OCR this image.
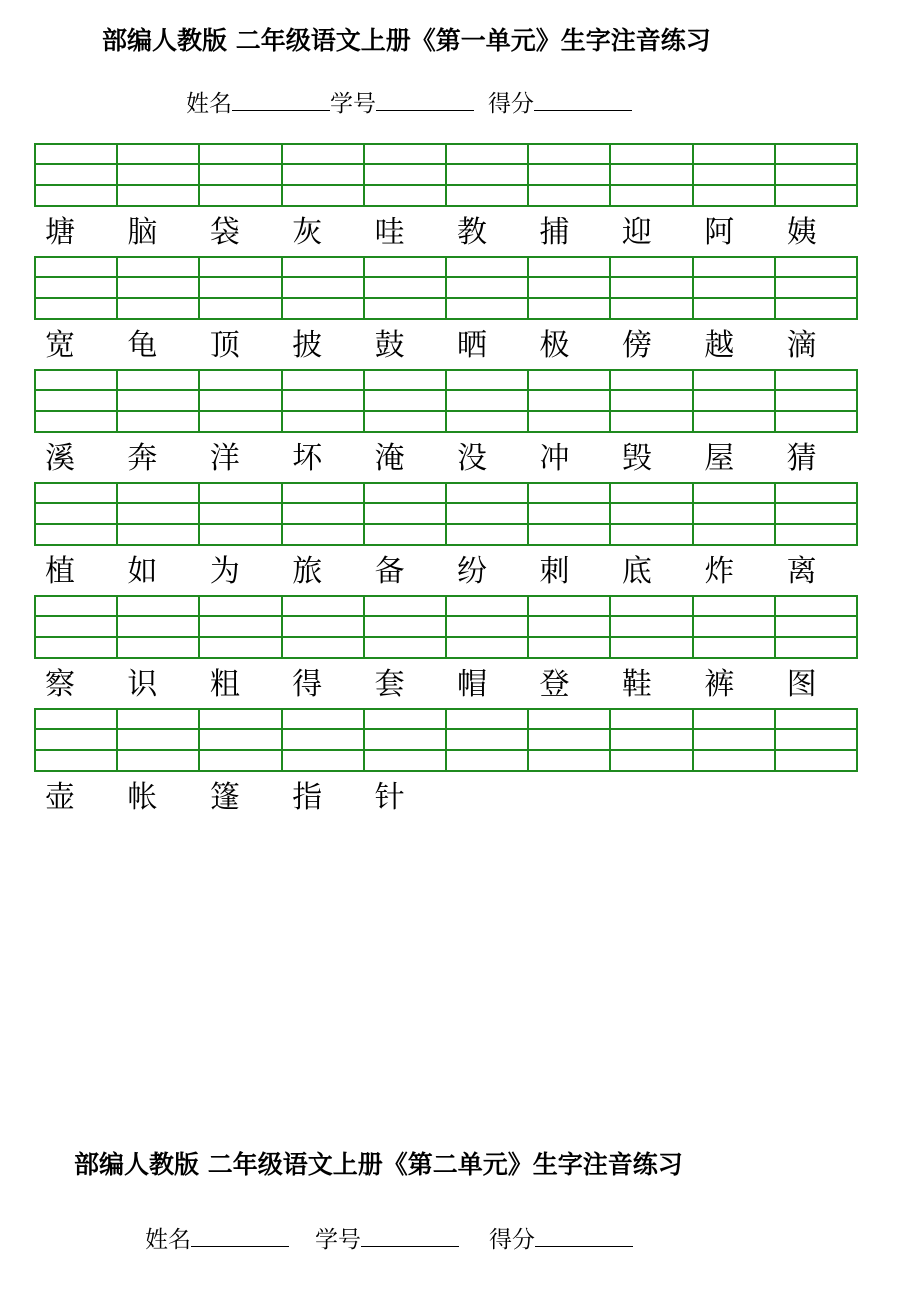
部编人教版 二年级语文上册《第一单元》生字注音练习
姓名	学号	得分
塘	脑	袋	灰	哇	教	捕	迎	阿	姨
宽	龟	顶	披	鼓	晒	极	傍	越	滴
溪	奔	洋	坏	淹	没	冲	毁	屋	猜
植	如	为	旅	备	纷	刺	底	炸	离
察	识	粗	得	套	帽	登	鞋	裤	图
壶	帐	篷	指	针
部编人教版 二年级语文上册《第二单元》生字注音练习
姓名	学号	得分
